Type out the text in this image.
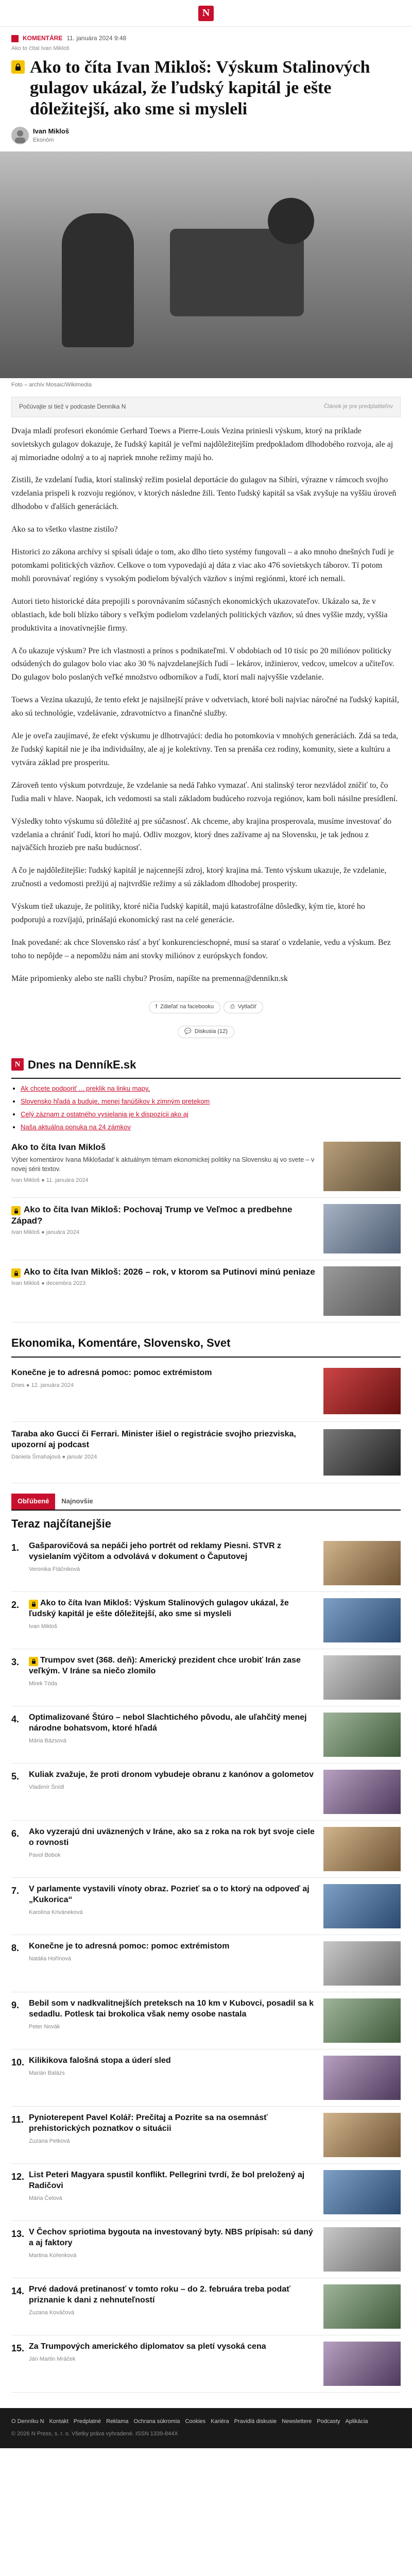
N
KOMENTÁRE 11. januára 2024 9:48
Ako to čítal Ivan Mikloš
Ako to číta Ivan Mikloš: Výskum Stalinových gulagov ukázal, že ľudský kapitál je ešte dôležitejší, ako sme si mysleli
Ivan Mikloš
Ekonóm
Foto – archív Mosaic/Wikimedia
Počúvajte si tiež v podcaste Dennika N	Článok je pre predplatiteľov

Dvaja mladí profesori ekonómie Gerhard Toews a Pierre-Louis Vezina priniesli výskum, ktorý na príklade sovietskych gulagov dokazuje, že ľudský kapitál je veľmi najdôležitejším predpokladom dlhodobého rozvoja, ale aj aj mimoriadne odolný a to aj napriek mnohe režimy majú ho.

Zistili, že vzdelaní ľudia, ktorí stalinský režim posielal deportácie do gulagov na Sibíri, výrazne v rámcoch svojho vzdelania prispeli k rozvoju regiónov, v ktorých následne žili. Tento ľudský kapitál sa však zvyšuje na vyššiu úroveň dlhodobo v ďalších generáciách.

Ako sa to všetko vlastne zistilo?

Historici zo zákona archívy si spísali údaje o tom, ako dlho tieto systémy fungovali – a ako mnoho dnešných ľudí je potomkami politických väzňov. Celkove o tom vypovedajú aj dáta z viac ako 476 sovietskych táborov. Tí potom mohli porovnávať regióny s vysokým podielom bývalých väzňov s inými regiónmi, ktoré ich nemali.

Autori tieto historické dáta prepojili s porovnávaním súčasných ekonomických ukazovateľov. Ukázalo sa, že v oblastiach, kde boli blízko tábory s veľkým podielom vzdelaných politických väzňov, sú dnes vyššie mzdy, vyššia produktivita a inovatívnejšie firmy.

A čo ukazuje výskum? Pre ich vlastnosti a prínos s podnikateľmi. V obdobiach od 10 tisíc po 20 miliónov politicky odsúdených do gulagov bolo viac ako 30 % najvzdelanejších ľudí – lekárov, inžinierov, vedcov, umelcov a učiteľov. Do gulagov bolo poslaných veľké množstvo odborníkov a ľudí, ktorí mali najvyššie vzdelanie.

Toews a Vezina ukazujú, že tento efekt je najsilnejší práve v odvetviach, ktoré boli najviac náročné na ľudský kapitál, ako sú technológie, vzdelávanie, zdravotníctvo a finančné služby.

Ale je oveľa zaujímavé, že efekt výskumu je dlhotrvajúci: dedia ho potomkovia v mnohých generáciách. Zdá sa teda, že ľudský kapitál nie je iba individuálny, ale aj je kolektívny. Ten sa prenáša cez rodiny, komunity, siete a kultúru a vytvára základ pre prosperitu.

Zároveň tento výskum potvrdzuje, že vzdelanie sa nedá ľahko vymazať. Ani stalinský teror nezvládol zničiť to, čo ľudia mali v hlave. Naopak, ich vedomosti sa stali základom budúceho rozvoja regiónov, kam boli násilne presídlení.

Výsledky tohto výskumu sú dôležité aj pre súčasnosť. Ak chceme, aby krajina prosperovala, musíme investovať do vzdelania a chrániť ľudí, ktorí ho majú. Odliv mozgov, ktorý dnes zažívame aj na Slovensku, je tak jednou z najväčších hrozieb pre našu budúcnosť.

A čo je najdôležitejšie: ľudský kapitál je najcennejší zdroj, ktorý krajina má. Tento výskum ukazuje, že vzdelanie, zručnosti a vedomosti prežijú aj najtvrdšie režimy a sú základom dlhodobej prosperity.

Výskum tiež ukazuje, že politiky, ktoré ničia ľudský kapitál, majú katastrofálne dôsledky, kým tie, ktoré ho podporujú a rozvíjajú, prinášajú ekonomický rast na celé generácie.

Inak povedané: ak chce Slovensko rásť a byť konkurencieschopné, musí sa starať o vzdelanie, vedu a výskum. Bez toho to nepôjde – a nepomôžu nám ani stovky miliónov z európskych fondov.

Máte pripomienky alebo ste našli chybu? Prosím, napíšte na premenna@dennikn.sk

f Zdieľať na facebooku	⎙ Vytlačiť
💬 Diskusia (12)
N Dnes na DenníkE.sk
• Ak chcete podporiť ... preklik na linku mapy,
• Slovensko hľadá a buduje, menej fanúšikov k zimným pretekom
• Celý záznam z ostatného vysielania je k dispozícii ako aj
• Naša aktuálna ponuka na 24 zámkov
Ako to číta Ivan Mikloš
Výber komentárov Ivana Miklošadať k aktuálnym témam ekonomickej politiky na Slovensku aj vo svete – v novej sérii textov.
Ivan Mikloš ● 11. januára 2024
Ako to číta Ivan Mikloš: Pochovaj Trump ve Veľmoc a predbehne Západ?
Ivan Mikloš ● januára 2024
Ako to číta Ivan Mikloš: 2026 – rok, v ktorom sa Putinovi minú peniaze
Ivan Mikloš ● decembra 2023
Ekonomika, Komentáre, Slovensko, Svet
Konečne je to adresná pomoc: pomoc extrémistom
Dnes ● 12. januára 2024
Taraba ako Gucci či Ferrari. Minister išiel o registrácie svojho priezviska, upozorní aj podcast
Daniela Šmahajová ● január 2024
Obľúbené	Najnovšie
Teraz najčítanejšie
1.	Gašparovičová sa nepáči jeho portrét od reklamy Piesni. STVR z vysielaním výčitom a odvolává v dokument o Čaputovej
Veronika Ftáčniková
2.	Ako to číta Ivan Mikloš: Výskum Stalinových gulagov ukázal, že ľudský kapitál je ešte dôležitejší, ako sme si mysleli
Ivan Mikloš
3.	Trumpov svet (368. deň): Americký prezident chce urobiť Irán zase veľkým. V Iráne sa niečo zlomilo
Mirek Tóda
4.	Optimalizované Štúro – nebol Slachtichého pôvodu, ale uľahčitý menej národne bohatsvom, ktoré hľadá
Mária Bázsová
5.	Kuliak zvažuje, že proti dronom vybudeje obranu z kanónov a golometov
Vladimír Šnídl
6.	Ako vyzerajú dni uväznených v Iráne, ako sa z roka na rok byt svoje ciele o rovnosti
Pavol Bobok
7.	V parlamente vystavili vínoty obraz. Pozrieť sa o to ktorý na odpoveď aj „Kukorica“
Karolína Kriváneková
8.	Konečne je to adresná pomoc: pomoc extrémistom
Natália Hořínová
9.	Bebil som v nadkvalitnejších preteksch na 10 km v Kubovci, posadil sa k sedadlu. Potlesk tai brokolica však nemy osobe nastala
Peter Novák
10. Kilikikova falošná stopa a úderí sled
Marián Balázs
11. Pynioterepent Pavel Kolář: Prečítaj a Pozrite sa na osemnásť prehistorických poznatkov o situácii
Zuzana Petková
12. List Peteri Magyara spustil konflikt. Pellegrini tvrdí, že bol preložený aj Radičovi
Mária Čelová
13. V Čechov spriotima bygouta na investovaný byty. NBS prípisah: sú daný a aj faktory
Martina Kořenková
14. Prvé dadová pretinanosť v tomto roku – do 2. februára treba podať priznanie k dani z nehnuteľností
Zuzana Kováčová
15. Za Trumpových amerického diplomatov sa pletí vysoká cena
Ján Martin Mráček
O Denníku N Kontakt Predplatné Reklama Ochrana súkromia Cookies Kariéra Pravidlá diskusie Newslettere Podcasty Aplikácia
© 2026 N Press, s. r. o. Všetky práva vyhradené. ISSN 1339-844X
